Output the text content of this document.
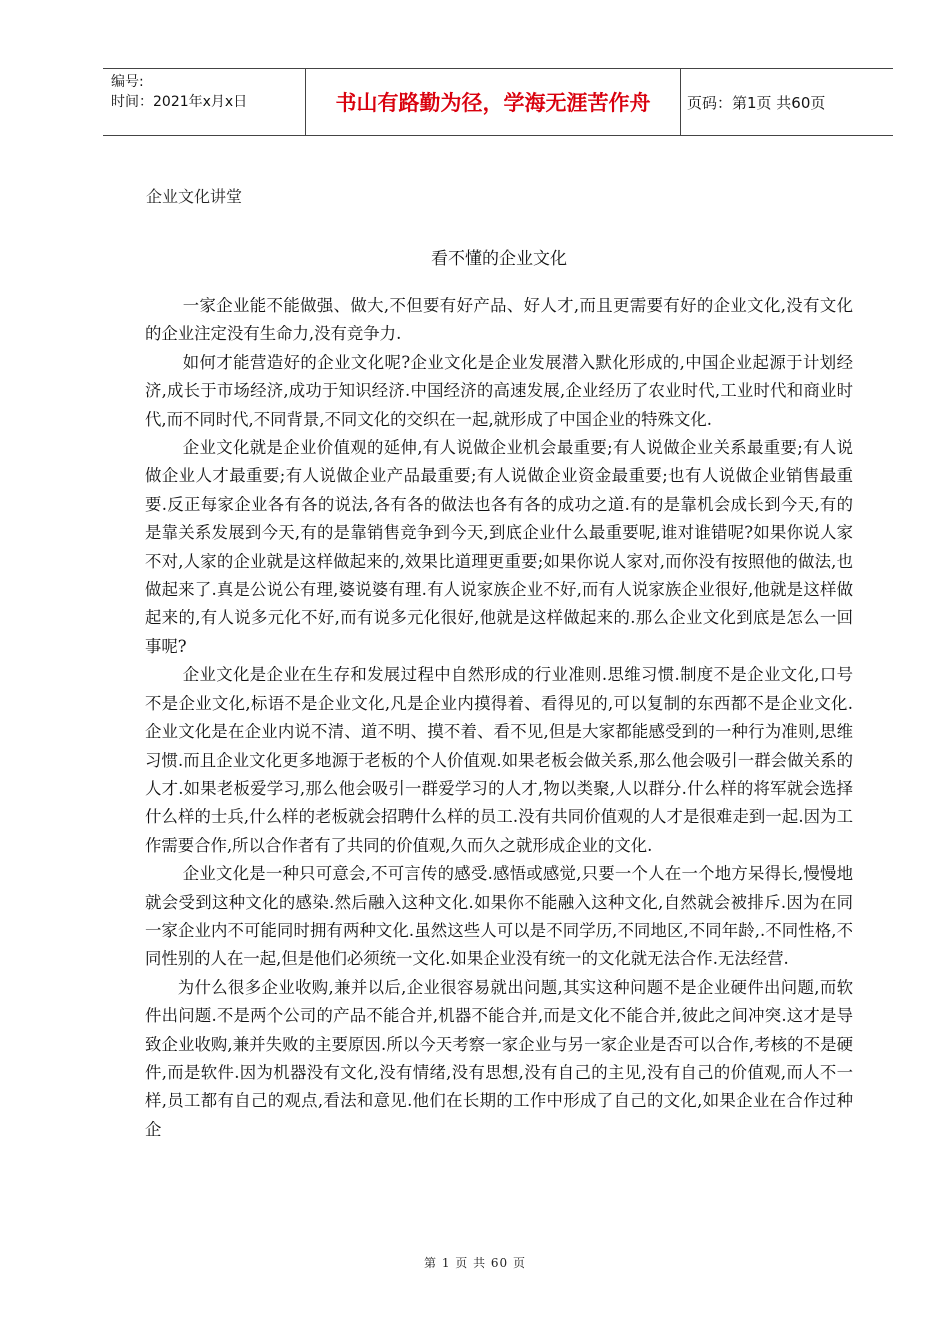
编号:
时间：2021年x月x日	书山有路勤为径，学海无涯苦作舟	页码：第1页 共60页
企业文化讲堂
看不懂的企业文化

一家企业能不能做强、做大,不但要有好产品、好人才,而且更需要有好的企业文化,没有文化的企业注定没有生命力,没有竞争力.

如何才能营造好的企业文化呢?企业文化是企业发展潜入默化形成的,中国企业起源于计划经济,成长于市场经济,成功于知识经济.中国经济的高速发展,企业经历了农业时代,工业时代和商业时代,而不同时代,不同背景,不同文化的交织在一起,就形成了中国企业的特殊文化.

企业文化就是企业价值观的延伸,有人说做企业机会最重要;有人说做企业关系最重要;有人说做企业人才最重要;有人说做企业产品最重要;有人说做企业资金最重要;也有人说做企业销售最重要.反正每家企业各有各的说法,各有各的做法也各有各的成功之道.有的是靠机会成长到今天,有的是靠关系发展到今天,有的是靠销售竞争到今天,到底企业什么最重要呢,谁对谁错呢?如果你说人家不对,人家的企业就是这样做起来的,效果比道理更重要;如果你说人家对,而你没有按照他的做法,也做起来了.真是公说公有理,婆说婆有理.有人说家族企业不好,而有人说家族企业很好,他就是这样做起来的,有人说多元化不好,而有说多元化很好,他就是这样做起来的.那么企业文化到底是怎么一回事呢?

企业文化是企业在生存和发展过程中自然形成的行业准则.思维习惯.制度不是企业文化,口号不是企业文化,标语不是企业文化,凡是企业内摸得着、看得见的,可以复制的东西都不是企业文化.企业文化是在企业内说不清、道不明、摸不着、看不见,但是大家都能感受到的一种行为准则,思维习惯.而且企业文化更多地源于老板的个人价值观.如果老板会做关系,那么他会吸引一群会做关系的人才.如果老板爱学习,那么他会吸引一群爱学习的人才,物以类聚,人以群分.什么样的将军就会选择什么样的士兵,什么样的老板就会招聘什么样的员工.没有共同价值观的人才是很难走到一起.因为工作需要合作,所以合作者有了共同的价值观,久而久之就形成企业的文化.

企业文化是一种只可意会,不可言传的感受.感悟或感觉,只要一个人在一个地方呆得长,慢慢地就会受到这种文化的感染.然后融入这种文化.如果你不能融入这种文化,自然就会被排斥.因为在同一家企业内不可能同时拥有两种文化.虽然这些人可以是不同学历,不同地区,不同年龄,.不同性格,不同性别的人在一起,但是他们必须统一文化.如果企业没有统一的文化就无法合作.无法经营.

为什么很多企业收购,兼并以后,企业很容易就出问题,其实这种问题不是企业硬件出问题,而软件出问题.不是两个公司的产品不能合并,机器不能合并,而是文化不能合并,彼此之间冲突.这才是导致企业收购,兼并失败的主要原因.所以今天考察一家企业与另一家企业是否可以合作,考核的不是硬件,而是软件.因为机器没有文化,没有情绪,没有思想,没有自己的主见,没有自己的价值观,而人不一样,员工都有自己的观点,看法和意见.他们在长期的工作中形成了自己的文化,如果企业在合作过种企

第 1 页 共 60 页
